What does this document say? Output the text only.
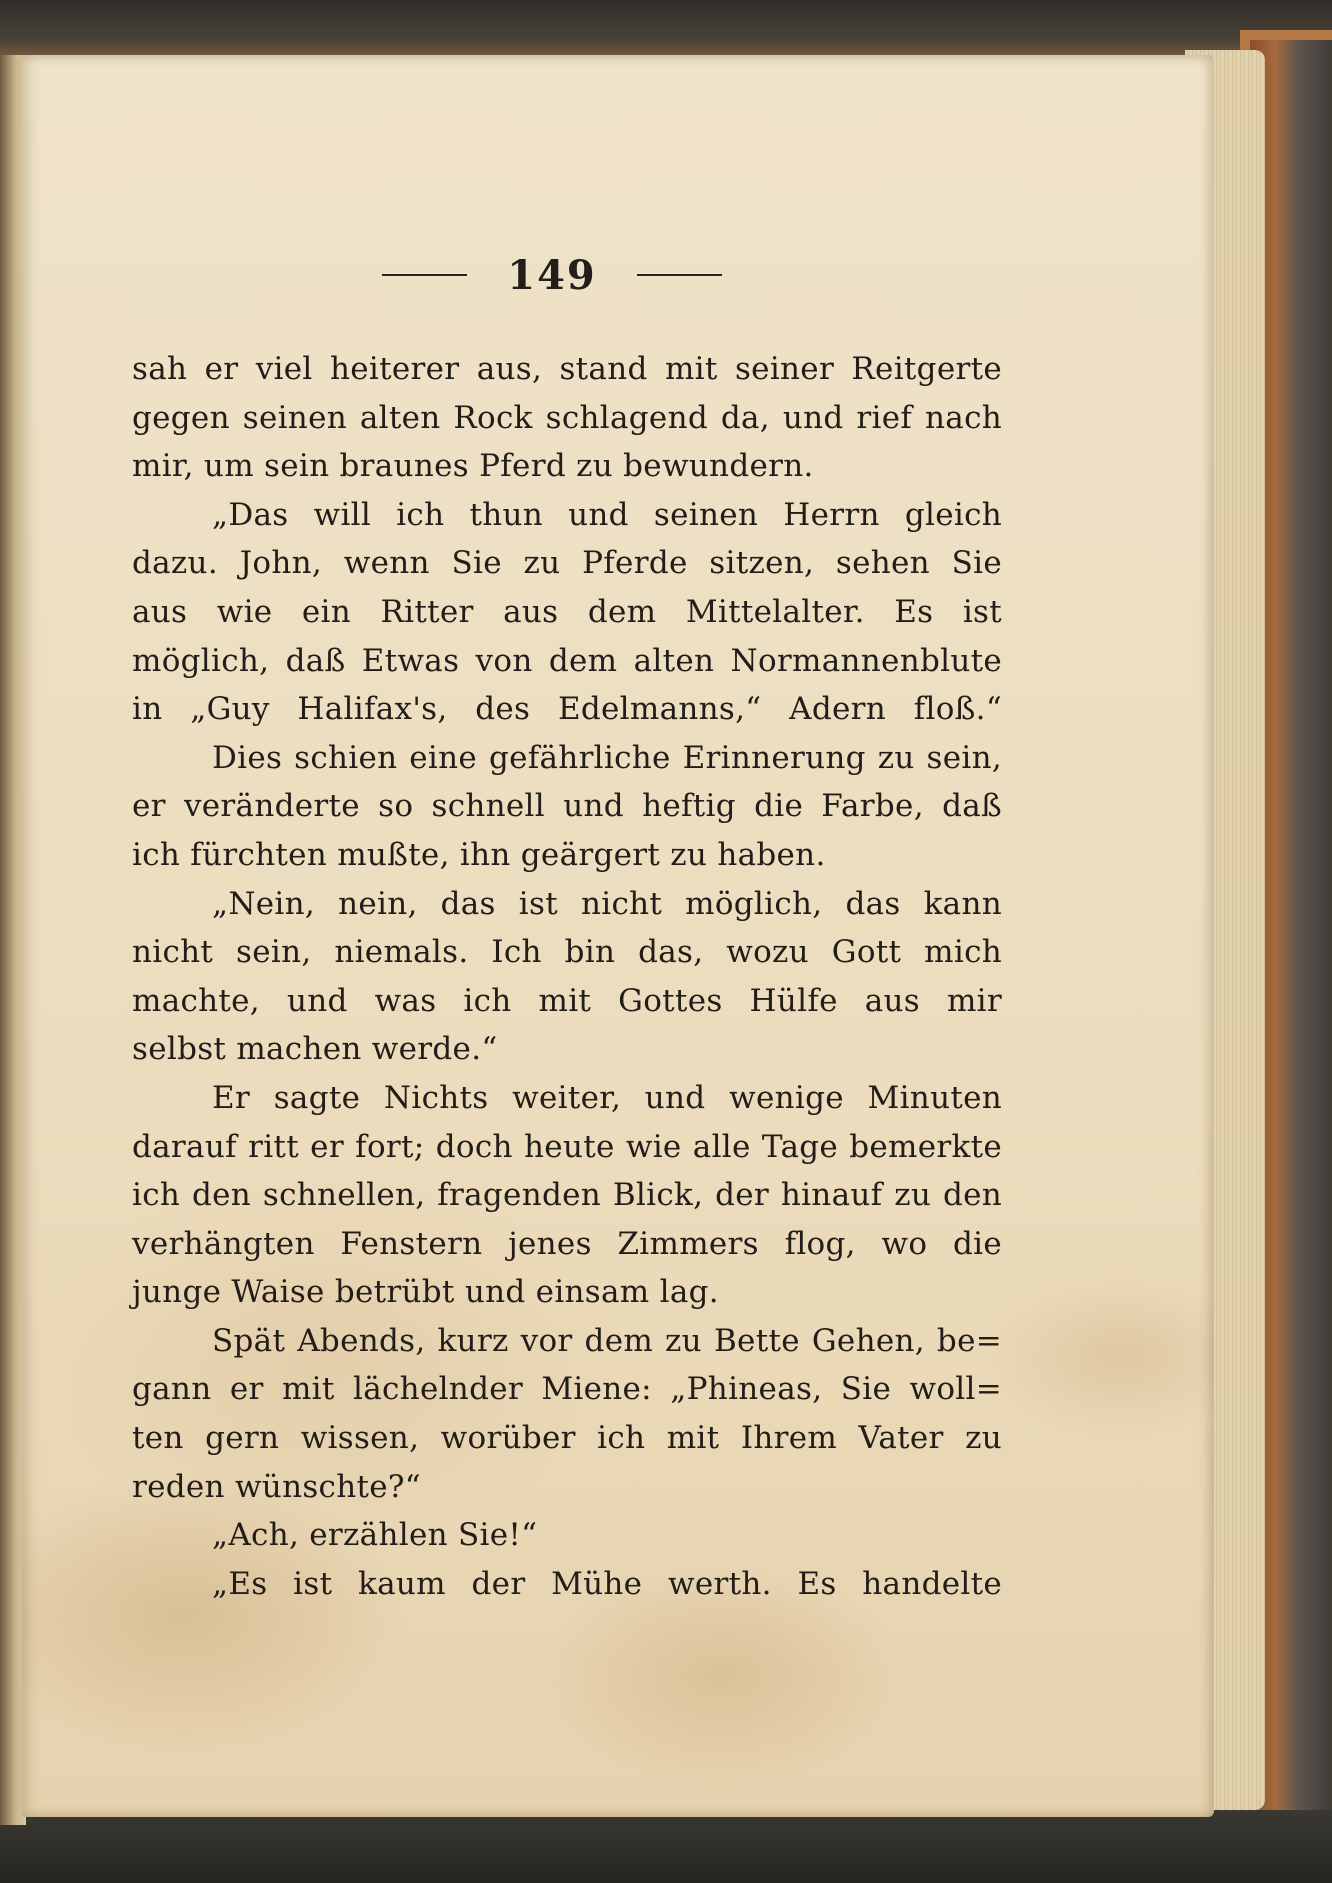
149
sah er viel heiterer aus, stand mit seiner Reitgerte
gegen seinen alten Rock schlagend da, und rief nach
mir, um sein braunes Pferd zu bewundern.
„Das will ich thun und seinen Herrn gleich
dazu. John, wenn Sie zu Pferde sitzen, sehen Sie
aus wie ein Ritter aus dem Mittelalter. Es ist
möglich, daß Etwas von dem alten Normannenblute
in „Guy Halifax's, des Edelmanns,“ Adern floß.“
Dies schien eine gefährliche Erinnerung zu sein,
er veränderte so schnell und heftig die Farbe, daß
ich fürchten mußte, ihn geärgert zu haben.
„Nein, nein, das ist nicht möglich, das kann
nicht sein, niemals. Ich bin das, wozu Gott mich
machte, und was ich mit Gottes Hülfe aus mir
selbst machen werde.“
Er sagte Nichts weiter, und wenige Minuten
darauf ritt er fort; doch heute wie alle Tage bemerkte
ich den schnellen, fragenden Blick, der hinauf zu den
verhängten Fenstern jenes Zimmers flog, wo die
junge Waise betrübt und einsam lag.
Spät Abends, kurz vor dem zu Bette Gehen, be=
gann er mit lächelnder Miene: „Phineas, Sie woll=
ten gern wissen, worüber ich mit Ihrem Vater zu
reden wünschte?“
„Ach, erzählen Sie!“
„Es ist kaum der Mühe werth. Es handelte
